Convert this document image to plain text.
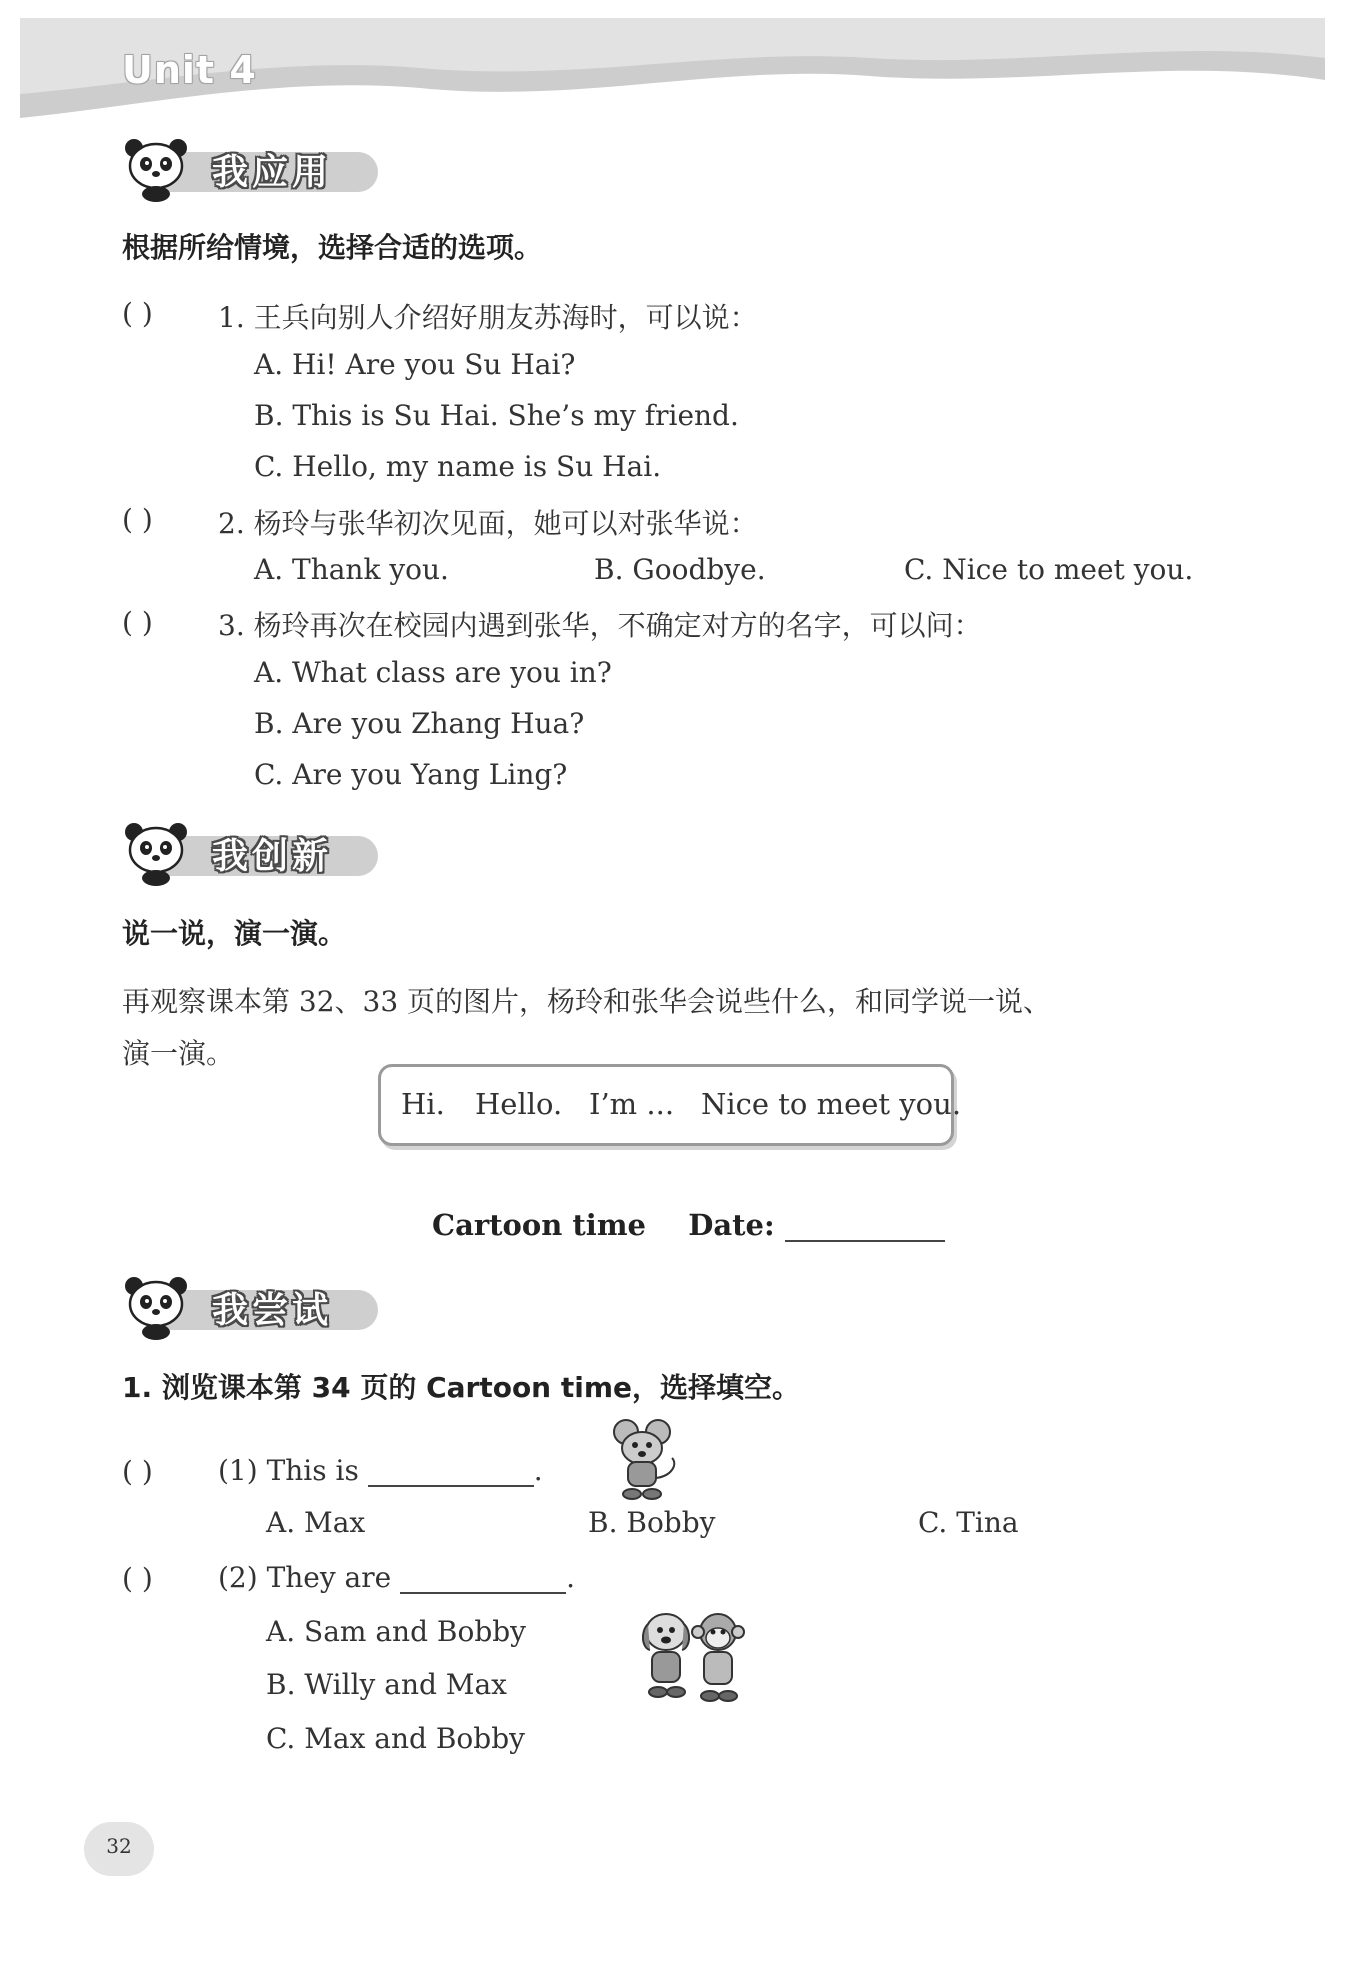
Unit 4
我应用
根据所给情境，选择合适的选项。
( ) 1. 王兵向别人介绍好朋友苏海时，可以说：
A. Hi! Are you Su Hai?
B. This is Su Hai. She’s my friend.
C. Hello, my name is Su Hai.
( ) 2. 杨玲与张华初次见面，她可以对张华说：
A. Thank you.	B. Goodbye.	C. Nice to meet you.
( ) 3. 杨玲再次在校园内遇到张华，不确定对方的名字，可以问：
A. What class are you in?
B. Are you Zhang Hua?
C. Are you Yang Ling?
我创新
说一说，演一演。
再观察课本第 32、33 页的图片，杨玲和张华会说些什么，和同学说一说、
演一演。
Hi. Hello. I’m ... Nice to meet you.
Cartoon time Date:
我尝试
1. 浏览课本第 34 页的 Cartoon time，选择填空。
( ) (1) This is	.
A. Max	B. Bobby	C. Tina
( ) (2) They are	.
A. Sam and Bobby
B. Willy and Max
C. Max and Bobby
32
